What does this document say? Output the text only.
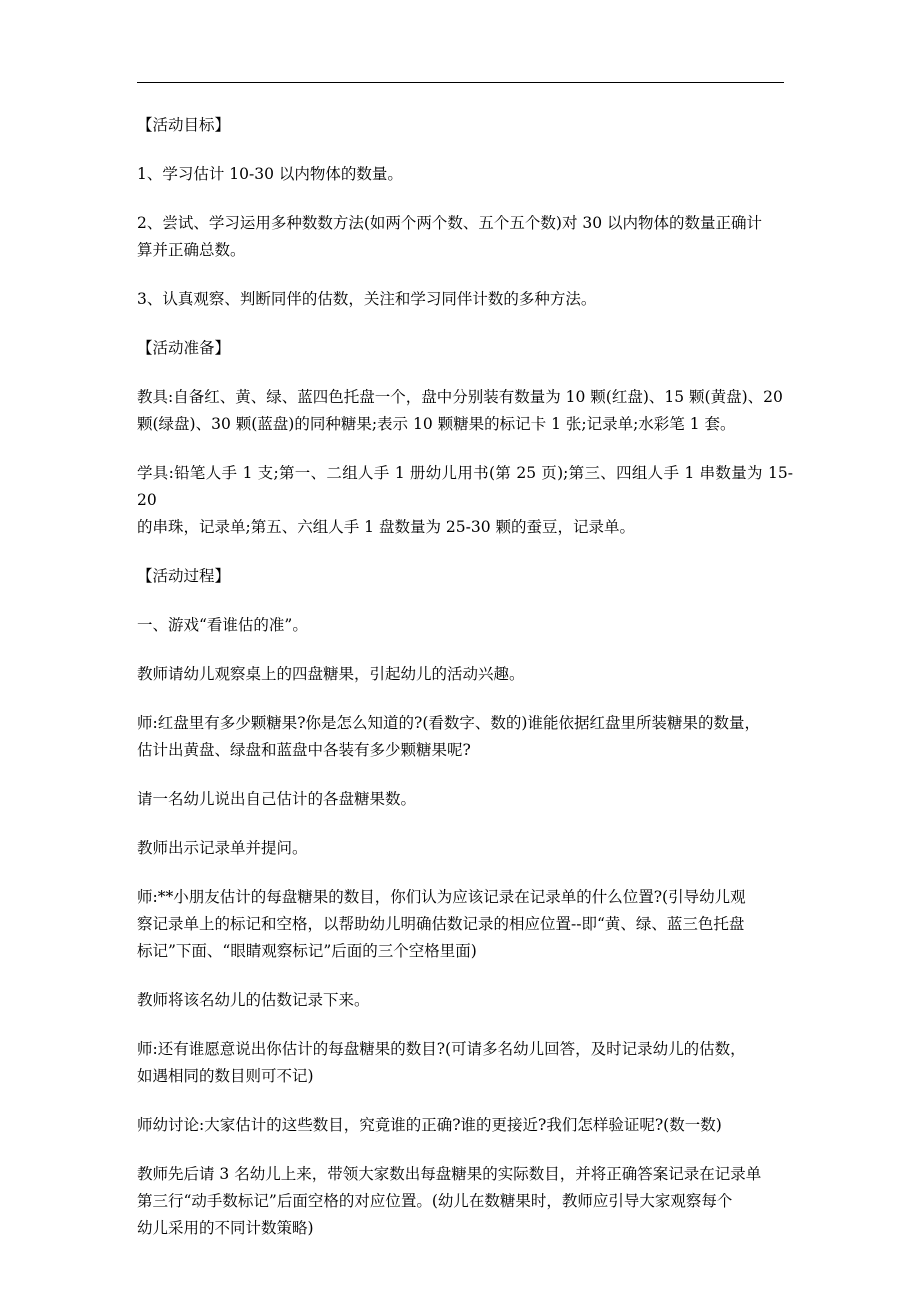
【活动目标】

1、学习估计 10-30 以内物体的数量。

2、尝试、学习运用多种数数方法(如两个两个数、五个五个数)对 30 以内物体的数量正确计
算并正确总数。

3、认真观察、判断同伴的估数，关注和学习同伴计数的多种方法。

【活动准备】

教具:自备红、黄、绿、蓝四色托盘一个，盘中分别装有数量为 10 颗(红盘)、15 颗(黄盘)、20
颗(绿盘)、30 颗(蓝盘)的同种糖果;表示 10 颗糖果的标记卡 1 张;记录单;水彩笔 1 套。

学具:铅笔人手 1 支;第一、二组人手 1 册幼儿用书(第 25 页);第三、四组人手 1 串数量为 15-20
的串珠，记录单;第五、六组人手 1 盘数量为 25-30 颗的蚕豆，记录单。

【活动过程】

一、游戏“看谁估的准”。

教师请幼儿观察桌上的四盘糖果，引起幼儿的活动兴趣。

师:红盘里有多少颗糖果?你是怎么知道的?(看数字、数的)谁能依据红盘里所装糖果的数量，
估计出黄盘、绿盘和蓝盘中各装有多少颗糖果呢?

请一名幼儿说出自己估计的各盘糖果数。

教师出示记录单并提问。

师:**小朋友估计的每盘糖果的数目，你们认为应该记录在记录单的什么位置?(引导幼儿观
察记录单上的标记和空格，以帮助幼儿明确估数记录的相应位置--即“黄、绿、蓝三色托盘
标记”下面、“眼睛观察标记”后面的三个空格里面)

教师将该名幼儿的估数记录下来。

师:还有谁愿意说出你估计的每盘糖果的数目?(可请多名幼儿回答，及时记录幼儿的估数，
如遇相同的数目则可不记)

师幼讨论:大家估计的这些数目，究竟谁的正确?谁的更接近?我们怎样验证呢?(数一数)

教师先后请 3 名幼儿上来，带领大家数出每盘糖果的实际数目，并将正确答案记录在记录单
第三行“动手数标记”后面空格的对应位置。(幼儿在数糖果时，教师应引导大家观察每个
幼儿采用的不同计数策略)
